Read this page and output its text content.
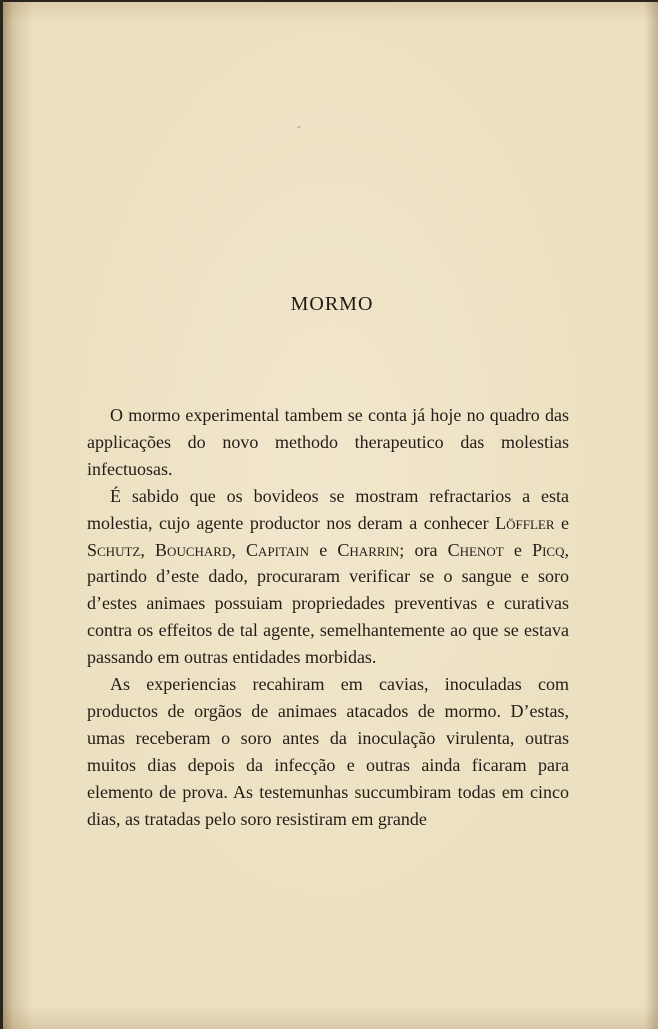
-
MORMO

O mormo experimental tambem se conta já hoje no quadro das applicações do novo methodo therapeutico das molestias infectuosas.

É sabido que os bovideos se mostram refractarios a esta molestia, cujo agente productor nos deram a conhecer Löffler e Schutz, Bouchard, Capitain e Charrin; ora Chenot e Picq, partindo d’este dado, procuraram verificar se o sangue e soro d’estes animaes possuiam propriedades preventivas e curativas contra os effeitos de tal agente, semelhantemente ao que se estava passando em outras entidades morbidas.

As experiencias recahiram em cavias, inoculadas com productos de orgãos de animaes atacados de mormo. D’estas, umas receberam o soro antes da inoculação virulenta, outras muitos dias depois da infecção e outras ainda ficaram para elemento de prova. As testemunhas succumbiram todas em cinco dias, as tratadas pelo soro resistiram em grande
